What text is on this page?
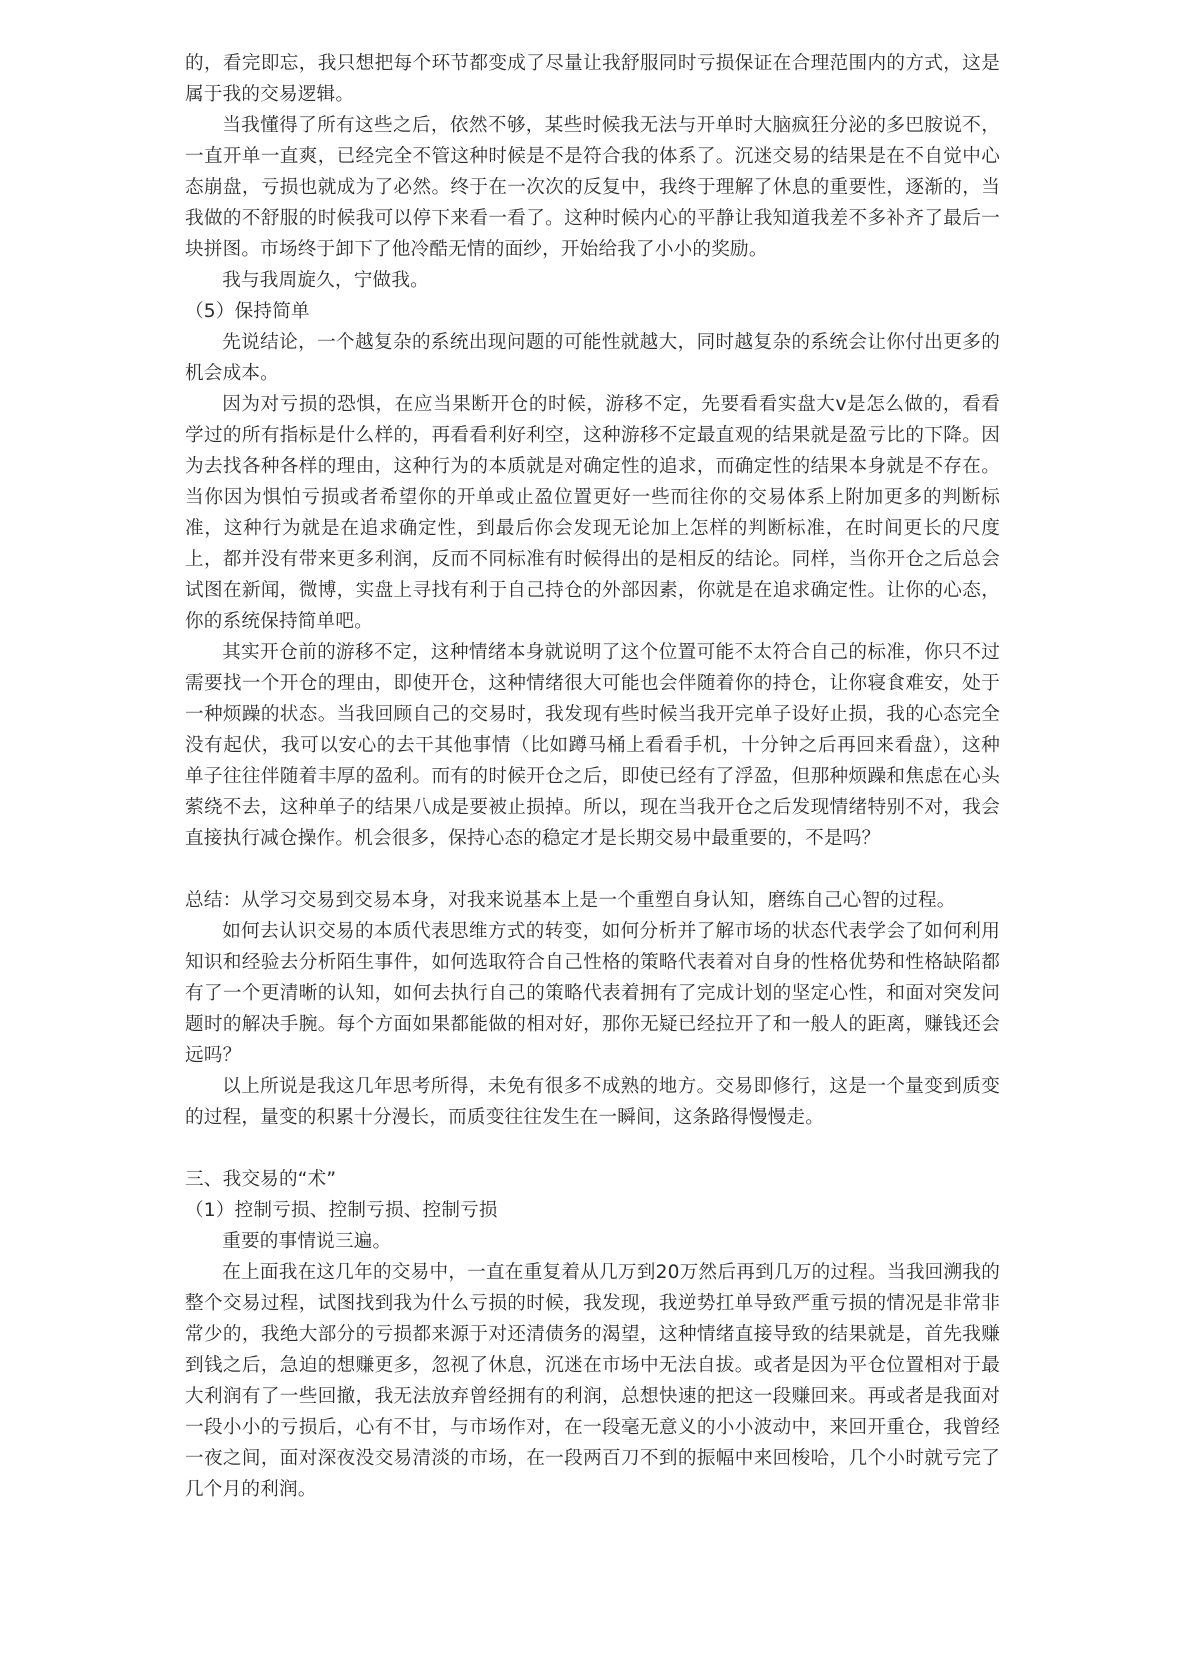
的，看完即忘，我只想把每个环节都变成了尽量让我舒服同时亏损保证在合理范围内的方式，这是属于我的交易逻辑。

当我懂得了所有这些之后，依然不够，某些时候我无法与开单时大脑疯狂分泌的多巴胺说不，一直开单一直爽，已经完全不管这种时候是不是符合我的体系了。沉迷交易的结果是在不自觉中心态崩盘，亏损也就成为了必然。终于在一次次的反复中，我终于理解了休息的重要性，逐渐的，当我做的不舒服的时候我可以停下来看一看了。这种时候内心的平静让我知道我差不多补齐了最后一块拼图。市场终于卸下了他冷酷无情的面纱，开始给我了小小的奖励。

我与我周旋久，宁做我。

（5）保持简单

先说结论，一个越复杂的系统出现问题的可能性就越大，同时越复杂的系统会让你付出更多的机会成本。

因为对亏损的恐惧，在应当果断开仓的时候，游移不定，先要看看实盘大v是怎么做的，看看学过的所有指标是什么样的，再看看利好利空，这种游移不定最直观的结果就是盈亏比的下降。因为去找各种各样的理由，这种行为的本质就是对确定性的追求，而确定性的结果本身就是不存在。当你因为惧怕亏损或者希望你的开单或止盈位置更好一些而往你的交易体系上附加更多的判断标准，这种行为就是在追求确定性，到最后你会发现无论加上怎样的判断标准，在时间更长的尺度上，都并没有带来更多利润，反而不同标准有时候得出的是相反的结论。同样，当你开仓之后总会试图在新闻，微博，实盘上寻找有利于自己持仓的外部因素，你就是在追求确定性。让你的心态，你的系统保持简单吧。

其实开仓前的游移不定，这种情绪本身就说明了这个位置可能不太符合自己的标准，你只不过需要找一个开仓的理由，即使开仓，这种情绪很大可能也会伴随着你的持仓，让你寝食难安，处于一种烦躁的状态。当我回顾自己的交易时，我发现有些时候当我开完单子设好止损，我的心态完全没有起伏，我可以安心的去干其他事情（比如蹲马桶上看看手机，十分钟之后再回来看盘），这种单子往往伴随着丰厚的盈利。而有的时候开仓之后，即使已经有了浮盈，但那种烦躁和焦虑在心头萦绕不去，这种单子的结果八成是要被止损掉。所以，现在当我开仓之后发现情绪特别不对，我会直接执行减仓操作。机会很多，保持心态的稳定才是长期交易中最重要的，不是吗？

总结：从学习交易到交易本身，对我来说基本上是一个重塑自身认知，磨练自己心智的过程。

如何去认识交易的本质代表思维方式的转变，如何分析并了解市场的状态代表学会了如何利用知识和经验去分析陌生事件，如何选取符合自己性格的策略代表着对自身的性格优势和性格缺陷都有了一个更清晰的认知，如何去执行自己的策略代表着拥有了完成计划的坚定心性，和面对突发问题时的解决手腕。每个方面如果都能做的相对好，那你无疑已经拉开了和一般人的距离，赚钱还会远吗？

以上所说是我这几年思考所得，未免有很多不成熟的地方。交易即修行，这是一个量变到质变的过程，量变的积累十分漫长，而质变往往发生在一瞬间，这条路得慢慢走。

三、我交易的“术”

（1）控制亏损、控制亏损、控制亏损

重要的事情说三遍。

在上面我在这几年的交易中，一直在重复着从几万到20万然后再到几万的过程。当我回溯我的整个交易过程，试图找到我为什么亏损的时候，我发现，我逆势扛单导致严重亏损的情况是非常非常少的，我绝大部分的亏损都来源于对还清债务的渴望，这种情绪直接导致的结果就是，首先我赚到钱之后，急迫的想赚更多，忽视了休息，沉迷在市场中无法自拔。或者是因为平仓位置相对于最大利润有了一些回撤，我无法放弃曾经拥有的利润，总想快速的把这一段赚回来。再或者是我面对一段小小的亏损后，心有不甘，与市场作对，在一段毫无意义的小小波动中，来回开重仓，我曾经一夜之间，面对深夜没交易清淡的市场，在一段两百刀不到的振幅中来回梭哈，几个小时就亏完了几个月的利润。
